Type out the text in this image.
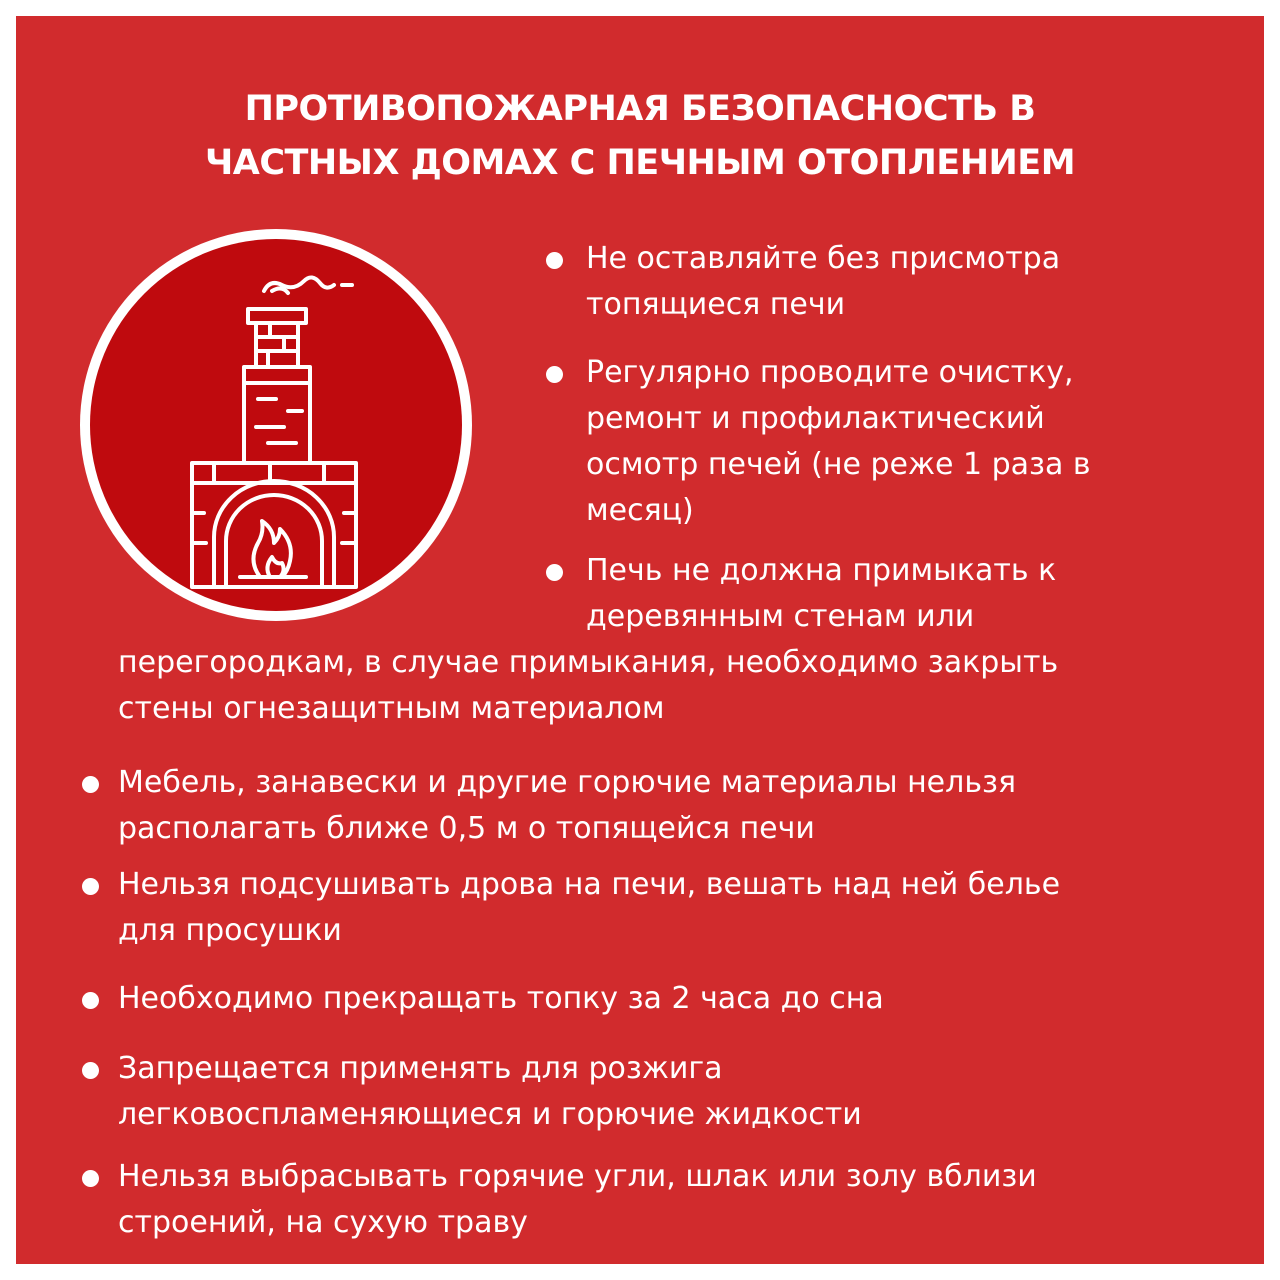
ПРОТИВОПОЖАРНАЯ БЕЗОПАСНОСТЬ В
ЧАСТНЫХ ДОМАХ С ПЕЧНЫМ ОТОПЛЕНИЕМ
Не оставляйте без присмотра
топящиеся печи
Регулярно проводите очистку,
ремонт и профилактический
осмотр печей (не реже 1 раза в
месяц)
Печь не должна примыкать к
деревянным стенам или
перегородкам, в случае примыкания, необходимо закрыть
стены огнезащитным материалом
Мебель, занавески и другие горючие материалы нельзя
располагать ближе 0,5 м о топящейся печи
Нельзя подсушивать дрова на печи, вешать над ней белье
для просушки
Необходимо прекращать топку за 2 часа до сна
Запрещается применять для розжига
легковоспламеняющиеся и горючие жидкости
Нельзя выбрасывать горячие угли, шлак или золу вблизи
строений, на сухую траву
